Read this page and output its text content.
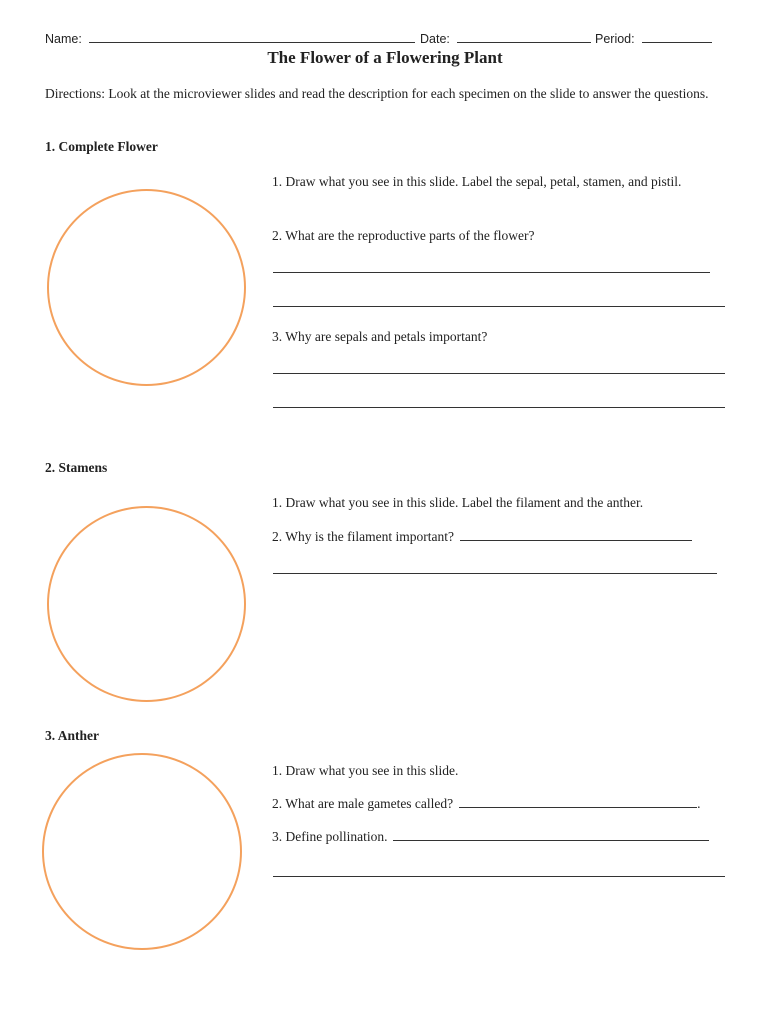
Name:	Date:	Period:
The Flower of a Flowering Plant
Directions: Look at the microviewer slides and read the description for each specimen on the slide to answer the questions.
1. Complete Flower
1. Draw what you see in this slide. Label the sepal, petal, stamen, and pistil.
2. What are the reproductive parts of the flower?
3. Why are sepals and petals important?
2. Stamens
1. Draw what you see in this slide. Label the filament and the anther.
2. Why is the filament important?
3. Anther
1. Draw what you see in this slide.
2. What are male gametes called?	.
3. Define pollination.
